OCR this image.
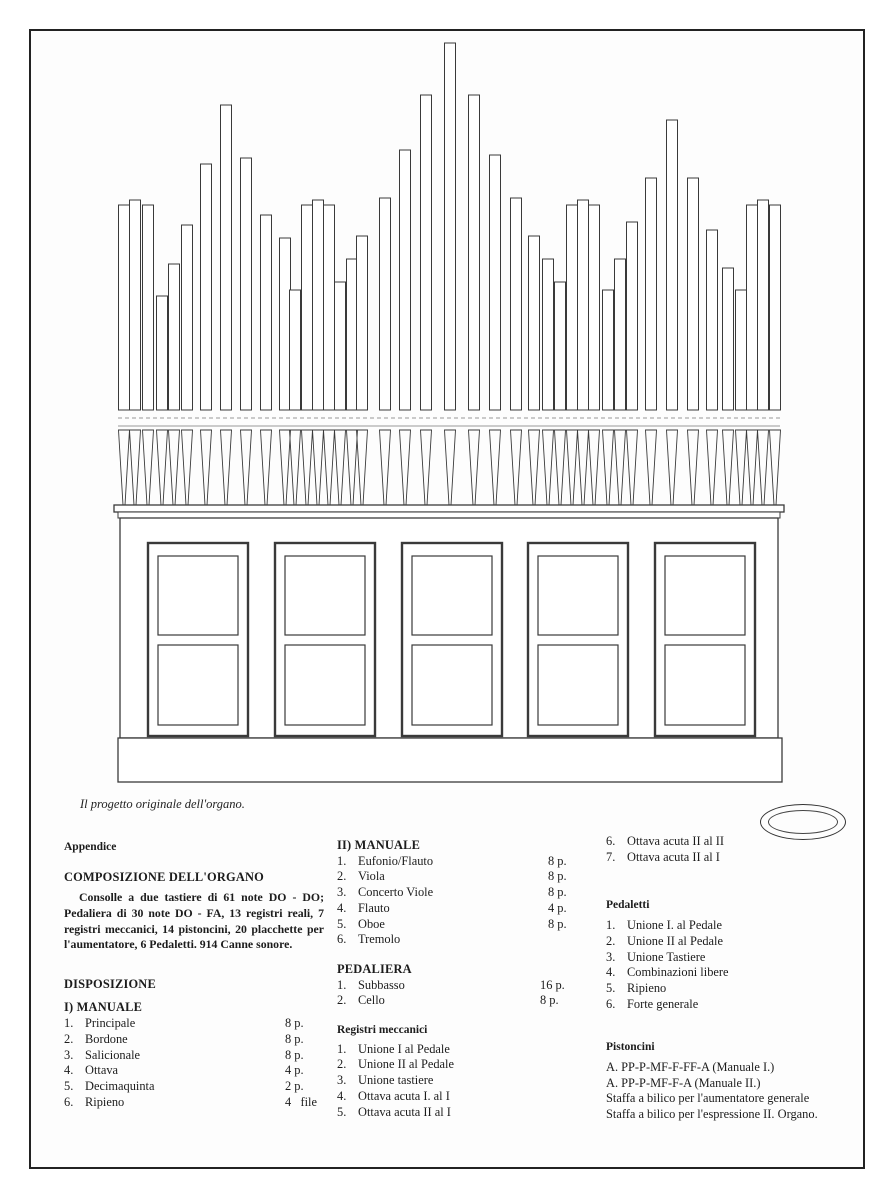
Il progetto originale dell'organo.
Appendice
COMPOSIZIONE DELL'ORGANO
Consolle a due tastiere di 61 note DO - DO; Pedaliera di 30 note DO - FA, 13 registri reali, 7 registri meccanici, 14 pistoncini, 20 placchette per l'aumentatore, 6 Pedaletti. 914 Canne sonore.
DISPOSIZIONE
I) MANUALE
1. Principale	8 p.
2. Bordone	8 p.
3. Salicionale	8 p.
4. Ottava	4 p.
5. Decimaquinta	2 p.
6. Ripieno	4   file
II) MANUALE
1. Eufonio/Flauto	8 p.
2. Viola	8 p.
3. Concerto Viole	8 p.
4. Flauto	4 p.
5. Oboe	8 p.
6. Tremolo
PEDALIERA
1. Subbasso	16 p.
2. Cello	8 p.
Registri meccanici
1. Unione I al Pedale
2. Unione II al Pedale
3. Unione tastiere
4. Ottava acuta I. al I
5. Ottava acuta II al I
6. Ottava acuta II al II
7. Ottava acuta II al I
Pedaletti
1. Unione I. al Pedale
2. Unione II al Pedale
3. Unione Tastiere
4. Combinazioni libere
5. Ripieno
6. Forte generale
Pistoncini
A. PP-P-MF-F-FF-A (Manuale I.)
A. PP-P-MF-F-A (Manuale II.)
Staffa a bilico per l'aumentatore generale
Staffa a bilico per l'espressione II. Organo.
